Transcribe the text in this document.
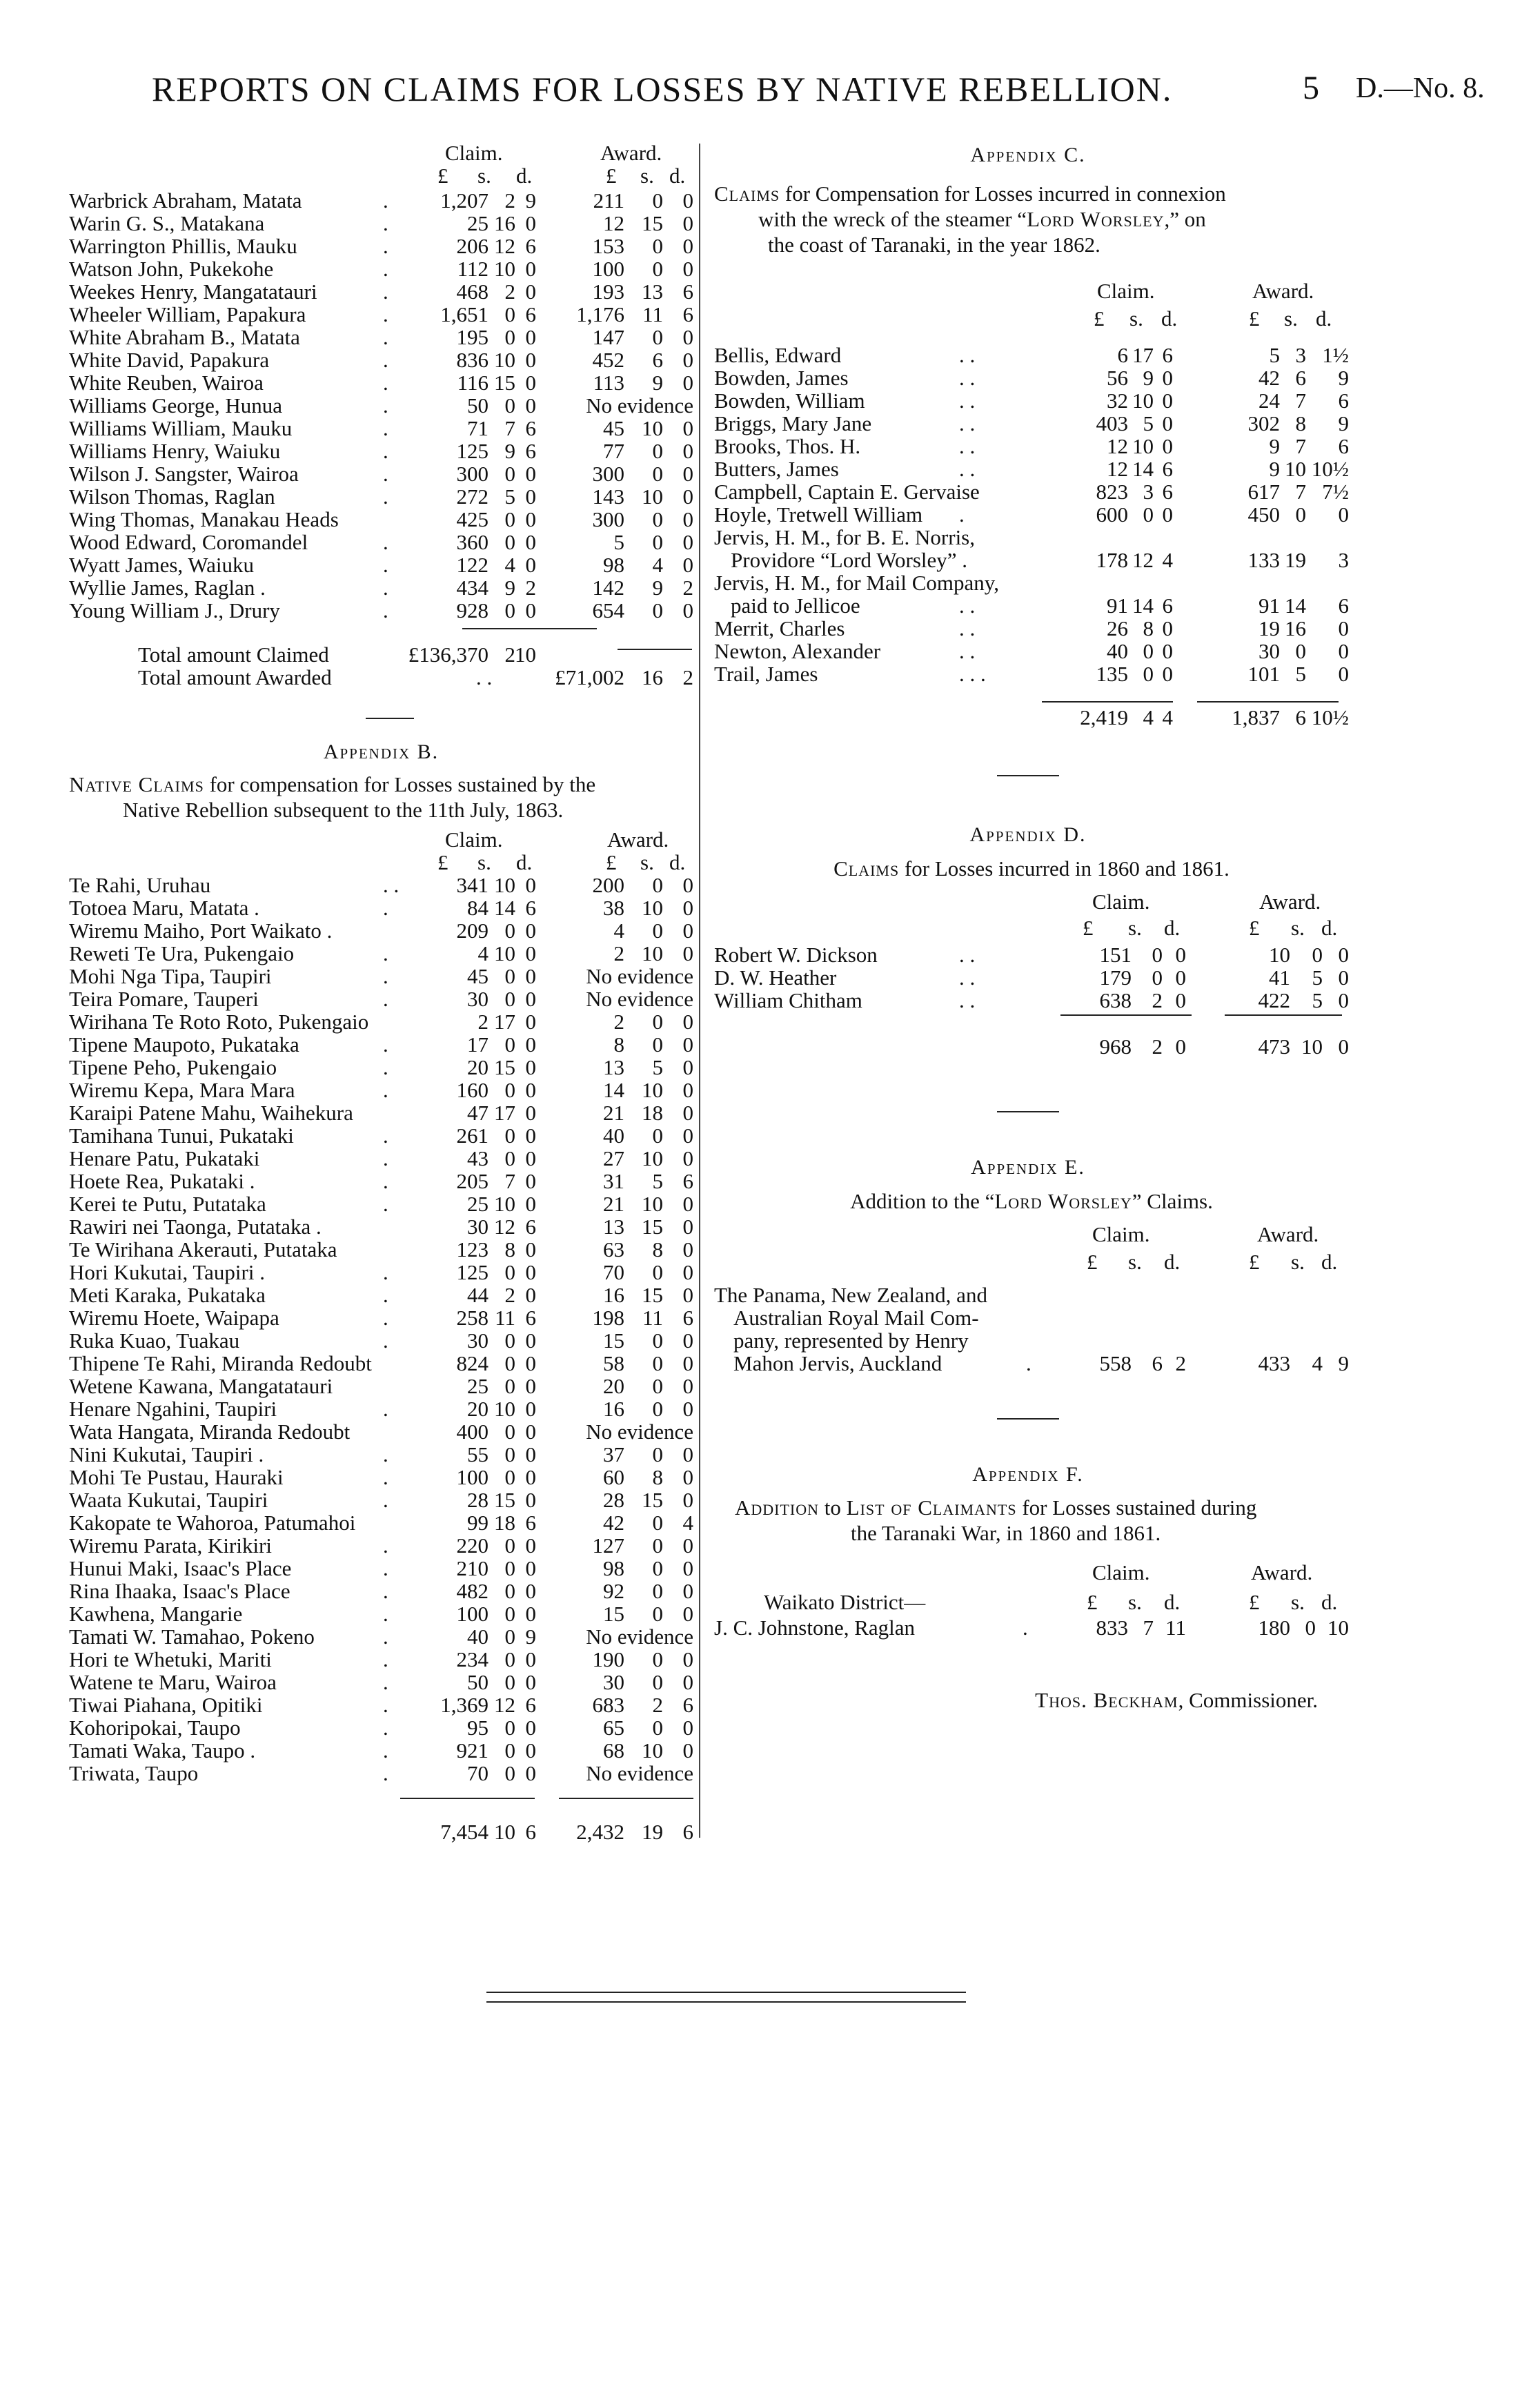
REPORTS ON CLAIMS FOR LOSSES BY NATIVE REBELLION.	5 D.—No. 8.
Claim.	Award.
£ s. d.	£ s. d.
Warbrick Abraham, Matata	. 1,207 2 9	211 0 0
Warin G. S., Matakana	.	25 16 0	12 15 0
Warrington Phillis, Mauku	.	206 12 6	153 0 0
Watson John, Pukekohe	.	112 10 0	100 0 0
Weekes Henry, Mangatatauri	.	468 2 0	193 13 6
Wheeler William, Papakura	. 1,651 0 6 1,176 11 6
White Abraham B., Matata	.	195 0 0	147 0 0
White David, Papakura	.	836 10 0	452 6 0
White Reuben, Wairoa	.	116 15 0	113 9 0
Williams George, Hunua	.	50 0 0 No evidence
Williams William, Mauku	.	71 7 6	45 10 0
Williams Henry, Waiuku	.	125 9 6	77 0 0
Wilson J. Sangster, Wairoa	.	300 0 0	300 0 0
Wilson Thomas, Raglan	.	272 5 0	143 10 0
Wing Thomas, Manakau Heads	425 0 0	300 0 0
Wood Edward, Coromandel	.	360 0 0	5 0 0
Wyatt James, Waiuku	.	122 4 0	98 4 0
Wyllie James, Raglan .	.	434 9 2	142 9 2
Young William J., Drury	.	928 0 0	654 0 0
Total amount Claimed	£136,370 2 10
Total amount Awarded	. .	£71,002 16 2
Appendix B.
Native Claims for compensation for Losses sustained by the
Native Rebellion subsequent to the 11th July, 1863.
Claim.	Award.
£ s. d.	£ s. d.
Te Rahi, Uruhau	. .	341 10 0	200 0 0
Totoea Maru, Matata .	.	84 14 6	38 10 0
Wiremu Maiho, Port Waikato .	209 0 0	4 0 0
Reweti Te Ura, Pukengaio	.	4 10 0	2 10 0
Mohi Nga Tipa, Taupiri	.	45 0 0 No evidence
Teira Pomare, Tauperi	.	30 0 0 No evidence
Wirihana Te Roto Roto, Pukengaio	2 17 0	2 0 0
Tipene Maupoto, Pukataka	.	17 0 0	8 0 0
Tipene Peho, Pukengaio	.	20 15 0	13 5 0
Wiremu Kepa, Mara Mara	.	160 0 0	14 10 0
Karaipi Patene Mahu, Waihekura	47 17 0	21 18 0
Tamihana Tunui, Pukataki	.	261 0 0	40 0 0
Henare Patu, Pukataki	.	43 0 0	27 10 0
Hoete Rea, Pukataki .	.	205 7 0	31 5 6
Kerei te Putu, Putataka	.	25 10 0	21 10 0
Rawiri nei Taonga, Putataka .	30 12 6	13 15 0
Te Wirihana Akerauti, Putataka	123 8 0	63 8 0
Hori Kukutai, Taupiri .	.	125 0 0	70 0 0
Meti Karaka, Pukataka	.	44 2 0	16 15 0
Wiremu Hoete, Waipapa	.	258 11 6	198 11 6
Ruka Kuao, Tuakau	.	30 0 0	15 0 0
Thipene Te Rahi, Miranda Redoubt	824 0 0	58 0 0
Wetene Kawana, Mangatatauri	25 0 0	20 0 0
Henare Ngahini, Taupiri	.	20 10 0	16 0 0
Wata Hangata, Miranda Redoubt	400 0 0 No evidence
Nini Kukutai, Taupiri .	.	55 0 0	37 0 0
Mohi Te Pustau, Hauraki	.	100 0 0	60 8 0
Waata Kukutai, Taupiri	.	28 15 0	28 15 0
Kakopate te Wahoroa, Patumahoi	99 18 6	42 0 4
Wiremu Parata, Kirikiri	.	220 0 0	127 0 0
Hunui Maki, Isaac's Place	.	210 0 0	98 0 0
Rina Ihaaka, Isaac's Place	.	482 0 0	92 0 0
Kawhena, Mangarie	.	100 0 0	15 0 0
Tamati W. Tamahao, Pokeno	.	40 0 9 No evidence
Hori te Whetuki, Mariti	.	234 0 0	190 0 0
Watene te Maru, Wairoa	.	50 0 0	30 0 0
Tiwai Piahana, Opitiki	. 1,369 12 6	683 2 6
Kohoripokai, Taupo	.	95 0 0	65 0 0
Tamati Waka, Taupo .	.	921 0 0	68 10 0
Triwata, Taupo	.	70 0 0 No evidence
7,454 10 6 2,432 19 6
Appendix C.
Claims for Compensation for Losses incurred in connexion
with the wreck of the steamer “Lord Worsley,” on
the coast of Taranaki, in the year 1862.
Claim.	Award.
£ s. d.	£ s. d.
Bellis, Edward	. .	6 17 6	5 3 1½
Bowden, James	. .	56 9 0	42 6 9
Bowden, William	. .	32 10 0	24 7 6
Briggs, Mary Jane	. .	403 5 0	302 8 9
Brooks, Thos. H.	. .	12 10 0	9 7 6
Butters, James	. .	12 14 6	9 10 10½
Campbell, Captain E. Gervaise	823 3 6	617 7 7½
Hoyle, Tretwell William .	600 0 0	450 0 0
Jervis, H. M., for B. E. Norris,
Providore “Lord Worsley” .	178 12 4	133 19 3
Jervis, H. M., for Mail Company,
paid to Jellicoe	. .	91 14 6	91 14 6
Merrit, Charles	. .	26 8 0	19 16 0
Newton, Alexander	. .	40 0 0	30 0 0
Trail, James	. . .	135 0 0	101 5 0
2,419 4 4	1,837 6 10½
Appendix D.
Claims for Losses incurred in 1860 and 1861.
Claim.	Award.
£ s. d.	£ s. d.
Robert W. Dickson	. .	151 0 0	10 0 0
D. W. Heather	. .	179 0 0	41 5 0
William Chitham	. .	638 2 0	422 5 0
968 2 0	473 10 0
Appendix E.
Addition to the “Lord Worsley” Claims.
Claim.	Award.
£ s. d.	£ s. d.
The Panama, New Zealand, and
Australian Royal Mail Com-
pany, represented by Henry
Mahon Jervis, Auckland	.	558 6 2	433 4 9
Appendix F.
Addition to List of Claimants for Losses sustained during
the Taranaki War, in 1860 and 1861.
Claim.	Award.
Waikato District—	£ s. d.	£ s. d.
J. C. Johnstone, Raglan	.	833 7 11	180 0 10
Thos. Beckham, Commissioner.
